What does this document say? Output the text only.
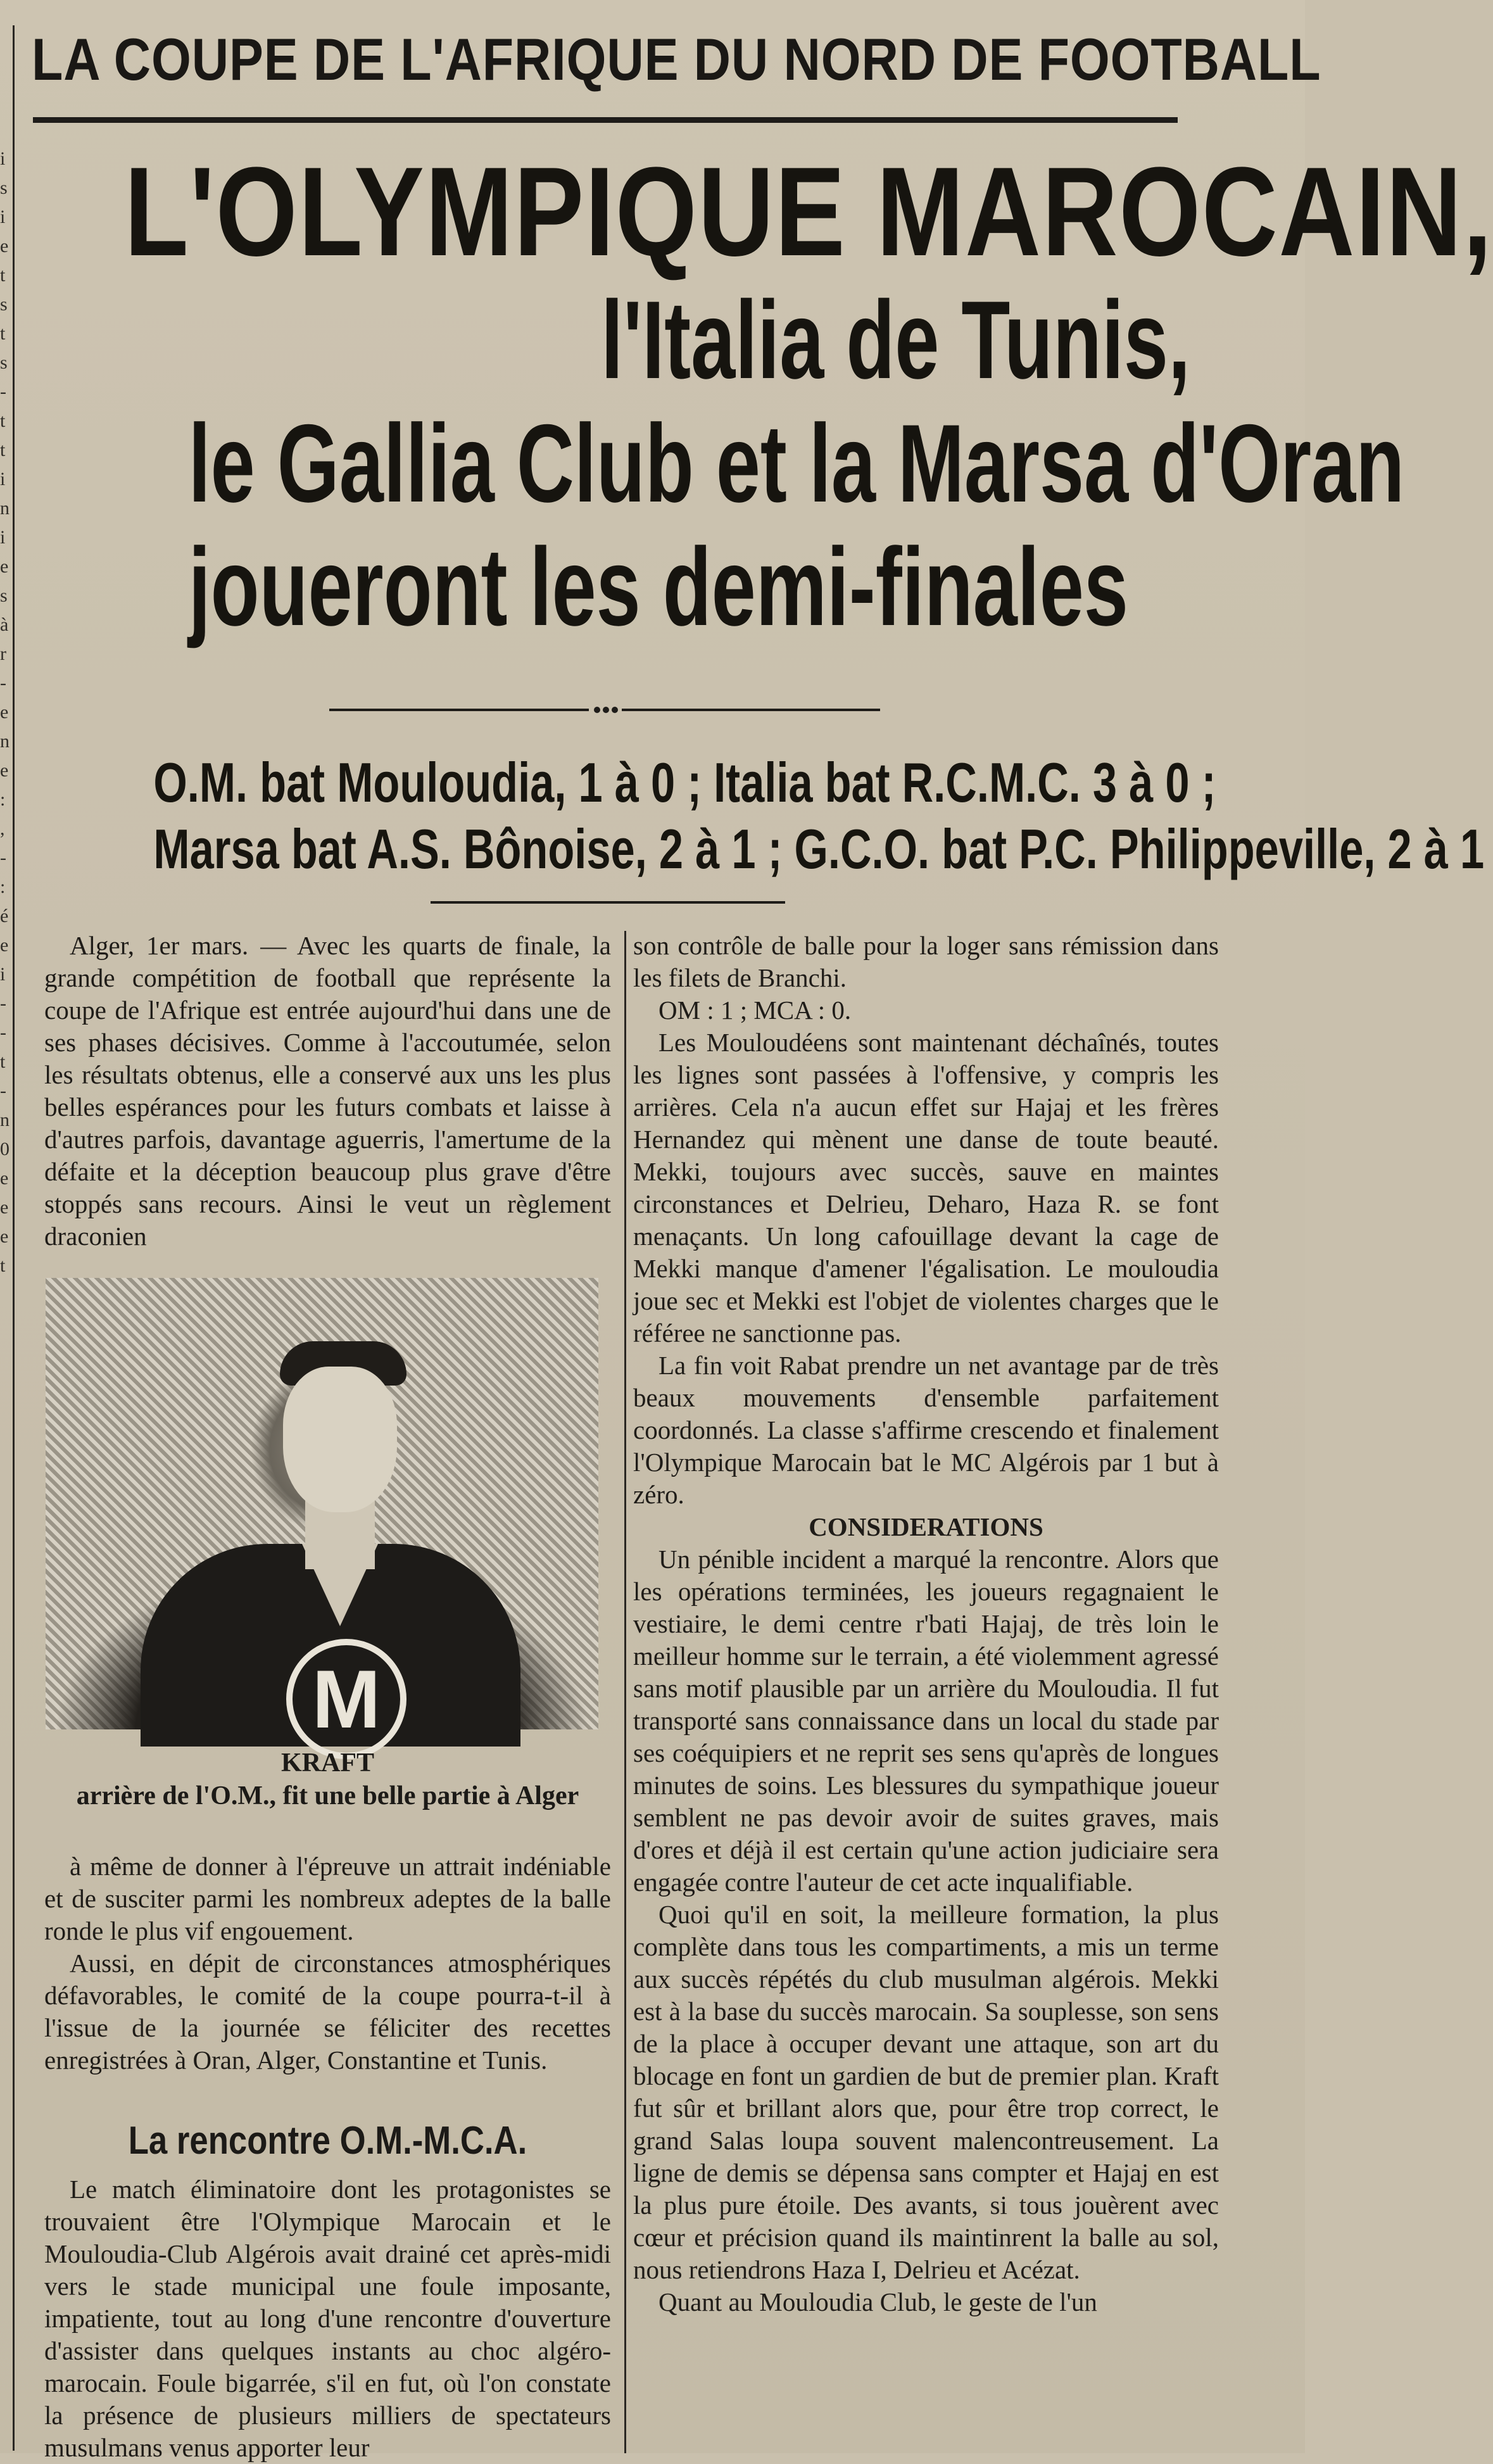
i
s
i
e
t
s
t
s
-
t
t
i
n
i
e
s
à
r
-
e
n
e
:
,
-
:
é
e
i
-
-
t
-
n
0
e
e
e
t
LA COUPE DE L'AFRIQUE DU NORD DE FOOTBALL
L'OLYMPIQUE MAROCAIN,
l'Italia de Tunis,
le Gallia Club et la Marsa d'Oran
joueront les demi-finales
O.M. bat Mouloudia, 1 à 0 ; Italia bat R.C.M.C. 3 à 0 ;
Marsa bat A.S. Bônoise, 2 à 1 ; G.C.O. bat P.C. Philippeville, 2 à 1

Alger, 1er mars. — Avec les quarts de finale, la grande compétition de football que représente la coupe de l'Afrique est entrée aujourd'hui dans une de ses phases décisives. Comme à l'accoutumée, selon les résultats obtenus, elle a conservé aux uns les plus belles espérances pour les futurs combats et laisse à d'autres parfois, davantage aguerris, l'amertume de la défaite et la déception beaucoup plus grave d'être stoppés sans recours. Ainsi le veut un règlement draconien

M
KRAFT
arrière de l'O.M., fit une belle partie à Alger

à même de donner à l'épreuve un attrait indéniable et de susciter parmi les nombreux adeptes de la balle ronde le plus vif engouement.

Aussi, en dépit de circonstances atmosphériques défavorables, le comité de la coupe pourra-t-il à l'issue de la journée se féliciter des recettes enregistrées à Oran, Alger, Constantine et Tunis.

La rencontre O.M.-M.C.A.

Le match éliminatoire dont les protagonistes se trouvaient être l'Olympique Marocain et le Mouloudia-Club Algérois avait drainé cet après-midi vers le stade municipal une foule imposante, impatiente, tout au long d'une rencontre d'ouverture d'assister dans quelques instants au choc algéro-marocain. Foule bigarrée, s'il en fut, où l'on constate la présence de plusieurs milliers de spectateurs musulmans venus apporter leur

son contrôle de balle pour la loger sans rémission dans les filets de Branchi.

OM : 1 ; MCA : 0.

Les Mouloudéens sont maintenant déchaînés, toutes les lignes sont passées à l'offensive, y compris les arrières. Cela n'a aucun effet sur Hajaj et les frères Hernandez qui mènent une danse de toute beauté. Mekki, toujours avec succès, sauve en maintes circonstances et Delrieu, Deharo, Haza R. se font menaçants. Un long cafouillage devant la cage de Mekki manque d'amener l'égalisation. Le mouloudia joue sec et Mekki est l'objet de violentes charges que le référee ne sanctionne pas.

La fin voit Rabat prendre un net avantage par de très beaux mouvements d'ensemble parfaitement coordonnés. La classe s'affirme crescendo et finalement l'Olympique Marocain bat le MC Algérois par 1 but à zéro.

CONSIDERATIONS

Un pénible incident a marqué la rencontre. Alors que les opérations terminées, les joueurs regagnaient le vestiaire, le demi centre r'bati Hajaj, de très loin le meilleur homme sur le terrain, a été violemment agressé sans motif plausible par un arrière du Mouloudia. Il fut transporté sans connaissance dans un local du stade par ses coéquipiers et ne reprit ses sens qu'après de longues minutes de soins. Les blessures du sympathique joueur semblent ne pas devoir avoir de suites graves, mais d'ores et déjà il est certain qu'une action judiciaire sera engagée contre l'auteur de cet acte inqualifiable.

Quoi qu'il en soit, la meilleure formation, la plus complète dans tous les compartiments, a mis un terme aux succès répétés du club musulman algérois. Mekki est à la base du succès marocain. Sa souplesse, son sens de la place à occuper devant une attaque, son art du blocage en font un gardien de but de premier plan. Kraft fut sûr et brillant alors que, pour être trop correct, le grand Salas loupa souvent malencontreusement. La ligne de demis se dépensa sans compter et Hajaj en est la plus pure étoile. Des avants, si tous jouèrent avec cœur et précision quand ils maintinrent la balle au sol, nous retiendrons Haza I, Delrieu et Acézat.

Quant au Mouloudia Club, le geste de l'un
